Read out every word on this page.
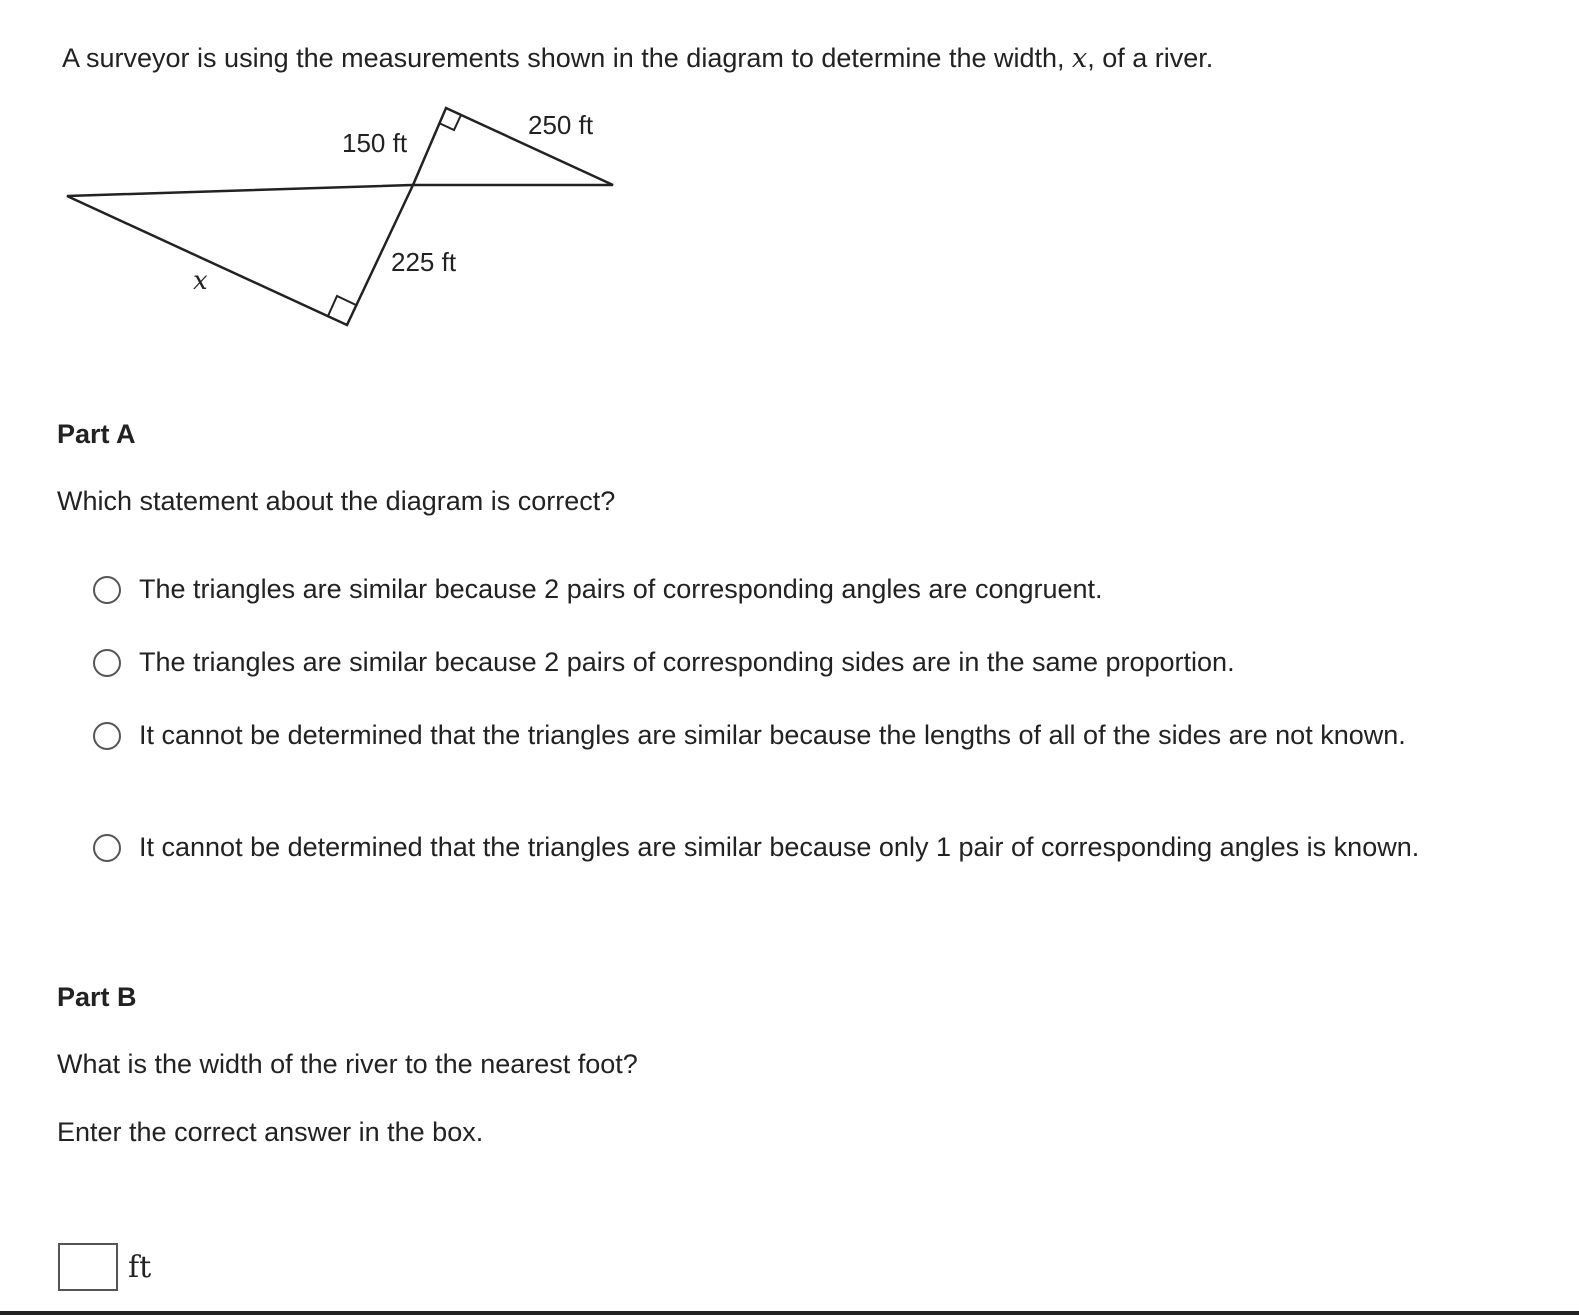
A surveyor is using the measurements shown in the diagram to determine the width, x, of a river.
150 ft
250 ft
225 ft
x
Part A
Which statement about the diagram is correct?
The triangles are similar because 2 pairs of corresponding angles are congruent.
The triangles are similar because 2 pairs of corresponding sides are in the same proportion.
It cannot be determined that the triangles are similar because the lengths of all of the sides are not known.
It cannot be determined that the triangles are similar because only 1 pair of corresponding angles is known.
Part B
What is the width of the river to the nearest foot?
Enter the correct answer in the box.
ft
